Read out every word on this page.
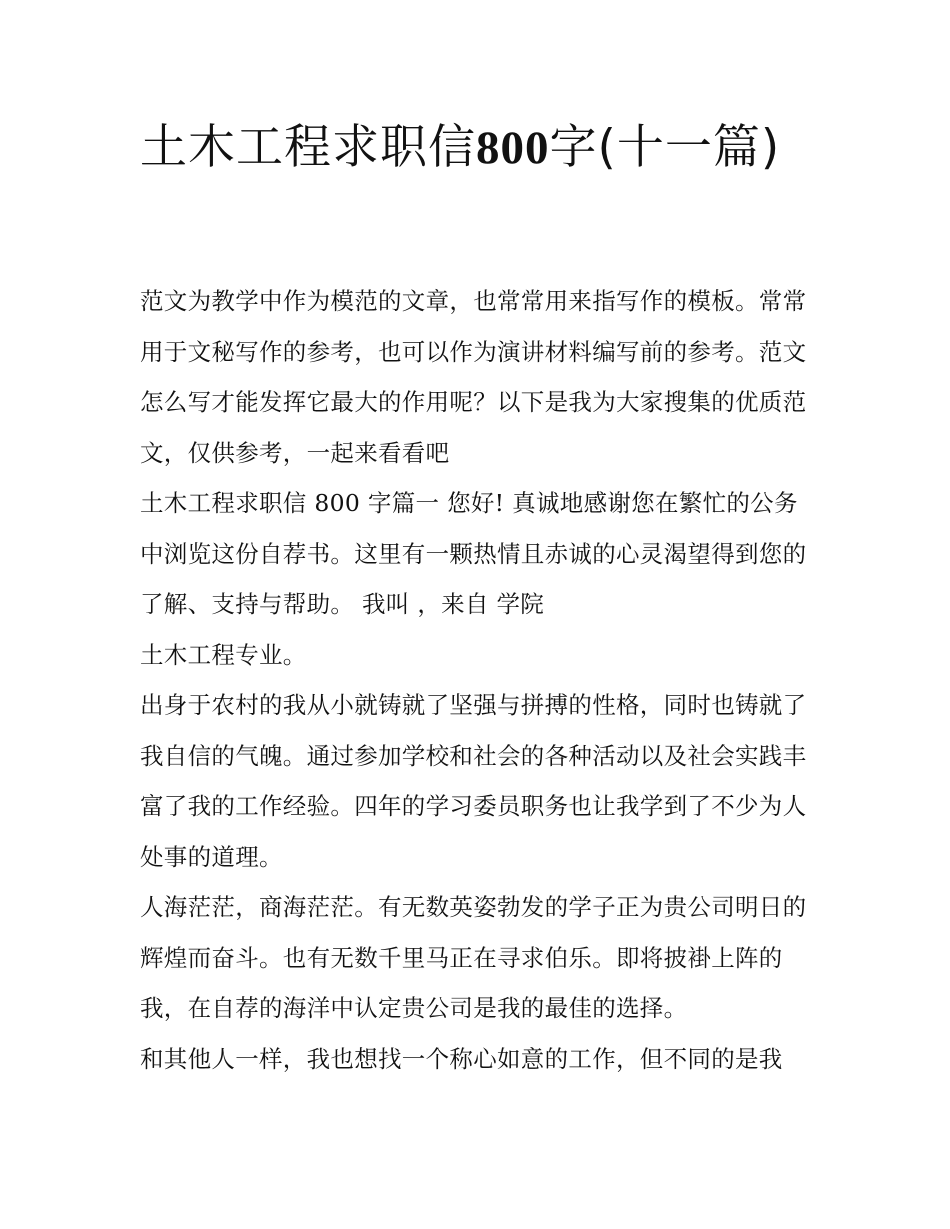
土木工程求职信800字(十一篇)

范文为教学中作为模范的文章，也常常用来指写作的模板。常常用于文秘写作的参考，也可以作为演讲材料编写前的参考。范文怎么写才能发挥它最大的作用呢？以下是我为大家搜集的优质范文，仅供参考，一起来看看吧

土木工程求职信 800 字篇一 您好! 真诚地感谢您在繁忙的公务中浏览这份自荐书。这里有一颗热情且赤诚的心灵渴望得到您的了解、支持与帮助。 我叫 ，来自 学院

土木工程专业。

出身于农村的我从小就铸就了坚强与拼搏的性格，同时也铸就了我自信的气魄。通过参加学校和社会的各种活动以及社会实践丰富了我的工作经验。四年的学习委员职务也让我学到了不少为人处事的道理。

人海茫茫，商海茫茫。有无数英姿勃发的学子正为贵公司明日的辉煌而奋斗。也有无数千里马正在寻求伯乐。即将披褂上阵的我，在自荐的海洋中认定贵公司是我的最佳的选择。

和其他人一样，我也想找一个称心如意的工作，但不同的是我
